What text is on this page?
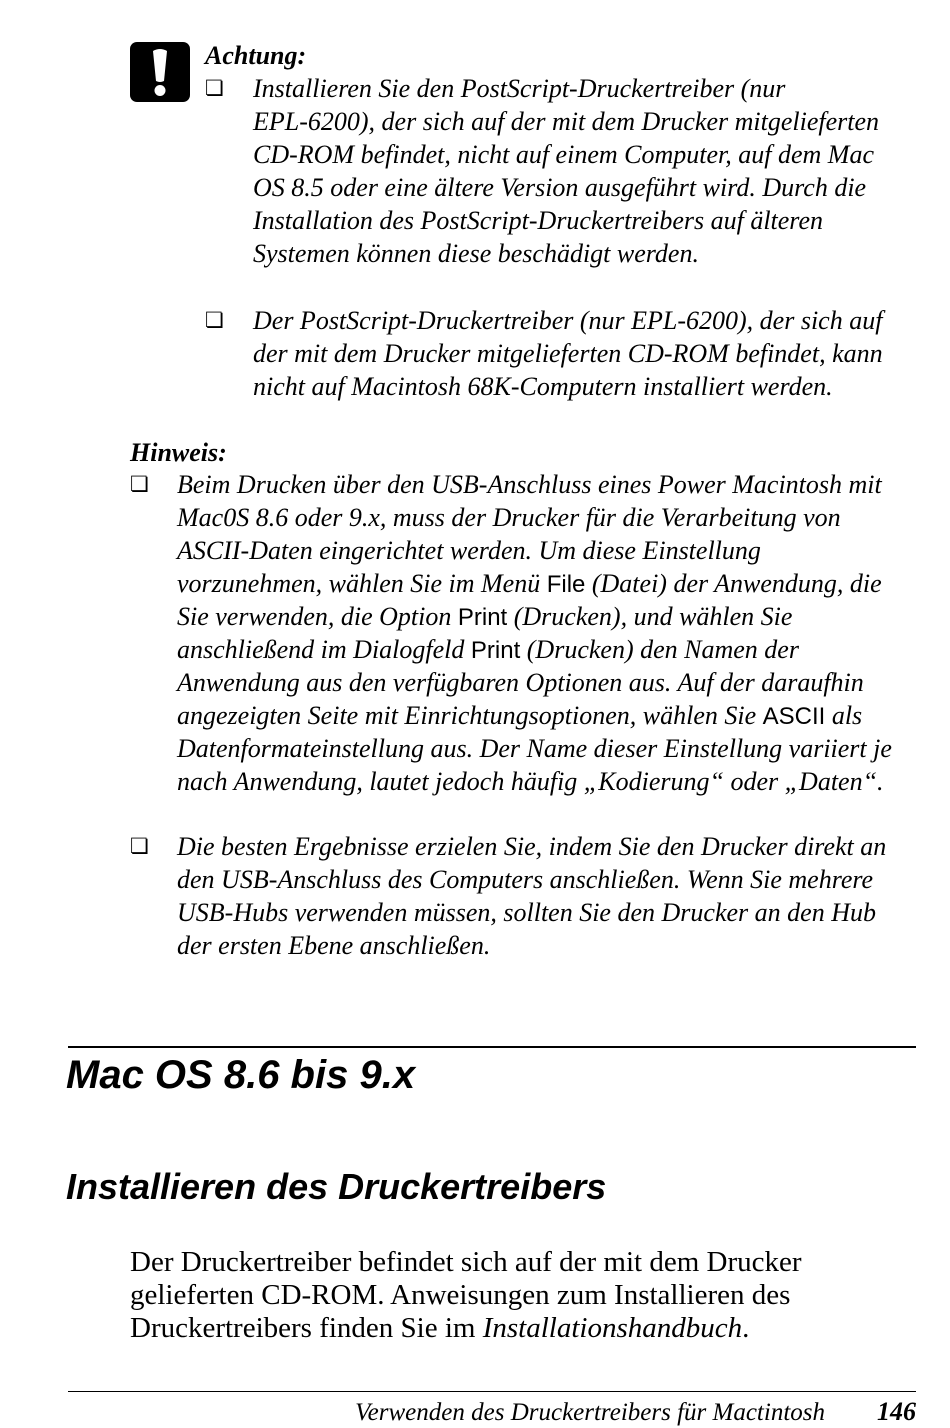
Achtung:
❏ Installieren Sie den PostScript-Druckertreiber (nur
EPL-6200), der sich auf der mit dem Drucker mitgelieferten
CD-ROM befindet, nicht auf einem Computer, auf dem Mac
OS 8.5 oder eine ältere Version ausgeführt wird. Durch die
Installation des PostScript-Druckertreibers auf älteren
Systemen können diese beschädigt werden.
❏ Der PostScript-Druckertreiber (nur EPL-6200), der sich auf
der mit dem Drucker mitgelieferten CD-ROM befindet, kann
nicht auf Macintosh 68K-Computern installiert werden.
Hinweis:
❏ Beim Drucken über den USB-Anschluss eines Power Macintosh mit
Mac0S 8.6 oder 9.x, muss der Drucker für die Verarbeitung von
ASCII-Daten eingerichtet werden. Um diese Einstellung
vorzunehmen, wählen Sie im Menü File (Datei) der Anwendung, die
Sie verwenden, die Option Print (Drucken), und wählen Sie
anschließend im Dialogfeld Print (Drucken) den Namen der
Anwendung aus den verfügbaren Optionen aus. Auf der daraufhin
angezeigten Seite mit Einrichtungsoptionen, wählen Sie ASCII als
Datenformateinstellung aus. Der Name dieser Einstellung variiert je
nach Anwendung, lautet jedoch häufig „Kodierung“ oder „Daten“.
❏ Die besten Ergebnisse erzielen Sie, indem Sie den Drucker direkt an
den USB-Anschluss des Computers anschließen. Wenn Sie mehrere
USB-Hubs verwenden müssen, sollten Sie den Drucker an den Hub
der ersten Ebene anschließen.
Mac OS 8.6 bis 9.x
Installieren des Druckertreibers
Der Druckertreiber befindet sich auf der mit dem Drucker
gelieferten CD-ROM. Anweisungen zum Installieren des
Druckertreibers finden Sie im Installationshandbuch.
Verwenden des Druckertreibers für Mactintosh 146
